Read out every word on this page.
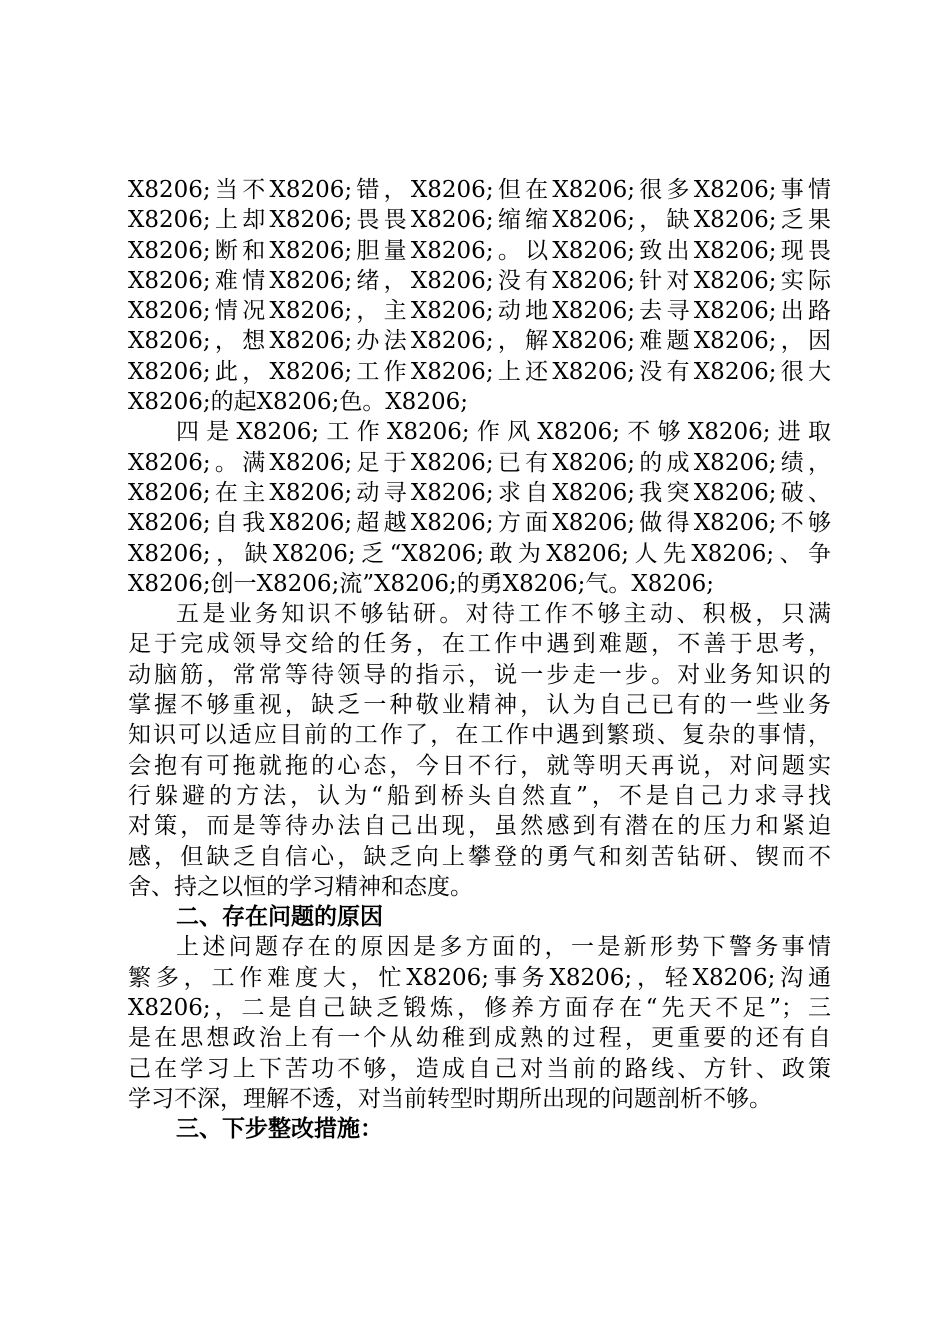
X8206;当不X8206;错，X8206;但在X8206;很多X8206;事情
X8206;上却X8206;畏畏X8206;缩缩X8206;，缺X8206;乏果
X8206;断和X8206;胆量X8206;。以X8206;致出X8206;现畏
X8206;难情X8206;绪，X8206;没有X8206;针对X8206;实际
X8206;情况X8206;，主X8206;动地X8206;去寻X8206;出路
X8206;，想X8206;办法X8206;，解X8206;难题X8206;，因
X8206;此，X8206;工作X8206;上还X8206;没有X8206;很大
X8206;的起X8206;色。X8206;
四是X8206;工作X8206;作风X8206;不够X8206;进取
X8206;。满X8206;足于X8206;已有X8206;的成X8206;绩，
X8206;在主X8206;动寻X8206;求自X8206;我突X8206;破、
X8206;自我X8206;超越X8206;方面X8206;做得X8206;不够
X8206;，缺X8206;乏“X8206;敢为X8206;人先X8206;、争
X8206;创一X8206;流”X8206;的勇X8206;气。X8206;
五是业务知识不够钻研。对待工作不够主动、积极，只满
足于完成领导交给的任务，在工作中遇到难题，不善于思考，
动脑筋，常常等待领导的指示，说一步走一步。对业务知识的
掌握不够重视，缺乏一种敬业精神，认为自己已有的一些业务
知识可以适应目前的工作了，在工作中遇到繁琐、复杂的事情，
会抱有可拖就拖的心态，今日不行，就等明天再说，对问题实
行躲避的方法，认为“船到桥头自然直”，不是自己力求寻找
对策，而是等待办法自己出现，虽然感到有潜在的压力和紧迫
感，但缺乏自信心，缺乏向上攀登的勇气和刻苦钻研、锲而不
舍、持之以恒的学习精神和态度。
二、存在问题的原因
上述问题存在的原因是多方面的，一是新形势下警务事情
繁多，工作难度大，忙X8206;事务X8206;，轻X8206;沟通
X8206;，二是自己缺乏锻炼，修养方面存在“先天不足”；三
是在思想政治上有一个从幼稚到成熟的过程，更重要的还有自
己在学习上下苦功不够，造成自己对当前的路线、方针、政策
学习不深，理解不透，对当前转型时期所出现的问题剖析不够。
三、下步整改措施：
